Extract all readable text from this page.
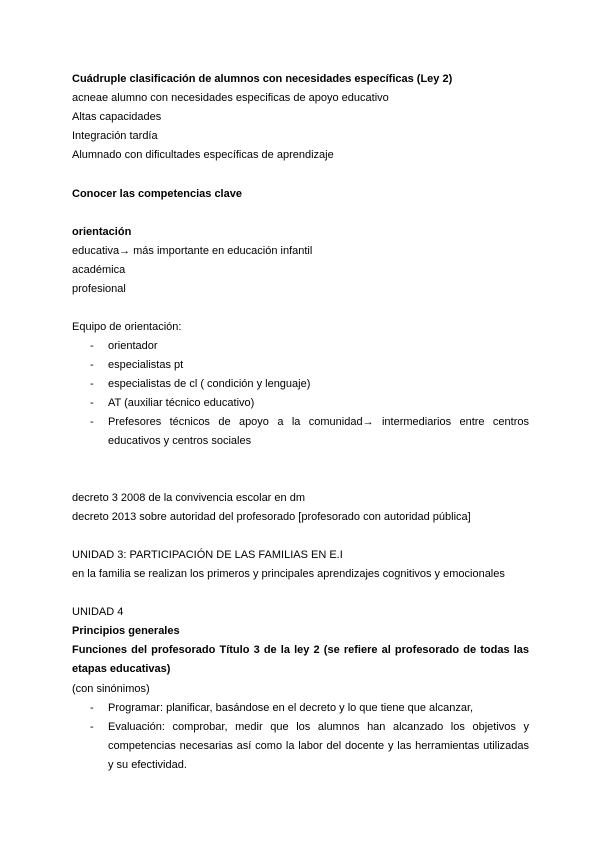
Cuádruple clasificación de alumnos con necesidades específicas (Ley 2)
acneae alumno con necesidades especificas de apoyo educativo
Altas capacidades
Integración tardía
Alumnado con dificultades específicas de aprendizaje
Conocer las competencias clave
orientación
educativa→ más importante en educación infantil
académica
profesional
Equipo de orientación:
- orientador
- especialistas pt
- especialistas de cl ( condición y lenguaje)
- AT (auxiliar técnico educativo)
- Prefesores técnicos de apoyo a la comunidad→ intermediarios entre centros
educativos y centros sociales
decreto 3 2008 de la convivencia escolar en dm
decreto 2013 sobre autoridad del profesorado [profesorado con autoridad pública]
UNIDAD 3: PARTICIPACIÓN DE LAS FAMILIAS EN E.I
en la familia se realizan los primeros y principales aprendizajes cognitivos y emocionales
UNIDAD 4
Principios generales
Funciones del profesorado Título 3 de la ley 2 (se refiere al profesorado de todas las etapas educativas)
(con sinónimos)
- Programar: planificar, basándose en el decreto y lo que tiene que alcanzar,
- Evaluación: comprobar, medir que los alumnos han alcanzado los objetivos y competencias necesarias así como la labor del docente y las herramientas utilizadas y su efectividad.
